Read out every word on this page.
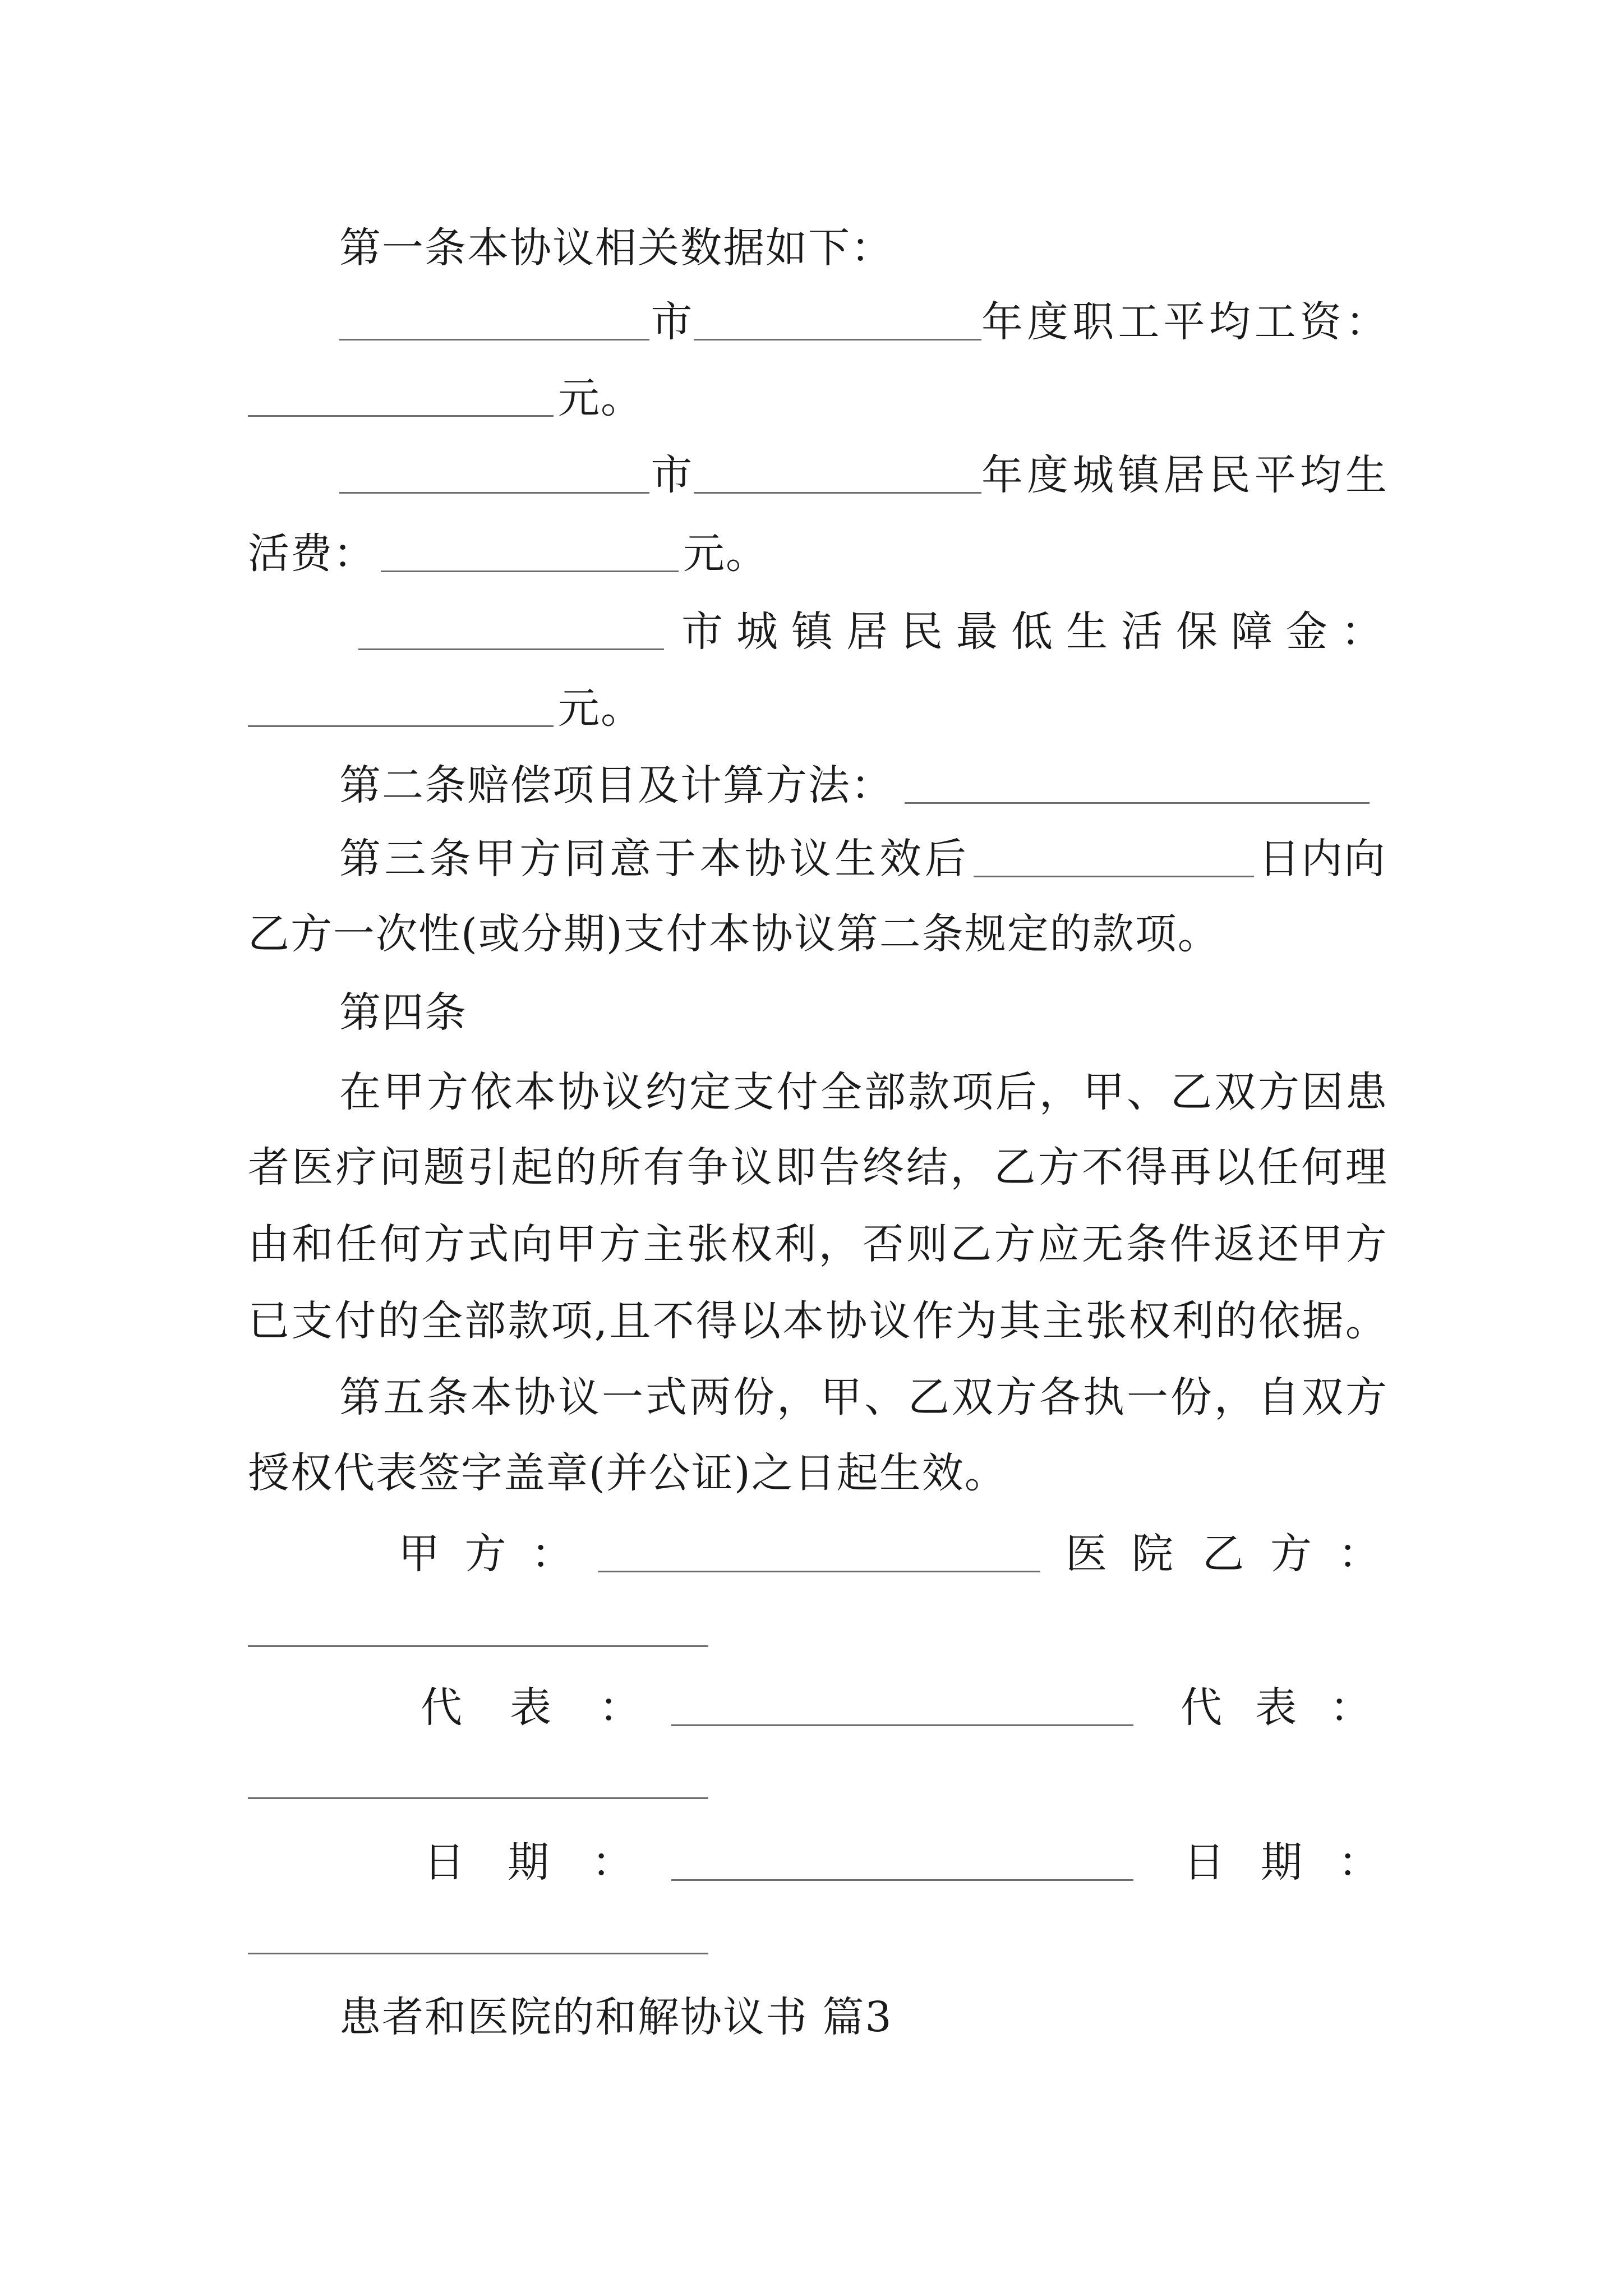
第一条本协议相关数据如下：
市	年 度 职 工 平 均 工 资 ：
元。
市	年 度 城 镇 居 民 平 均 生
活费：	元。
市 城 镇 居 民 最 低 生 活 保 障 金 ：
元。
第二条赔偿项目及计算方法：
第 三 条 甲 方 同 意 于 本 协 议 生 效 后	日内向
乙方一次性(或分期)支付本协议第二条规定的款项。
第四条
在 甲 方 依 本 协 议 约 定 支 付 全 部 款 项 后 ， 甲 、 乙 双 方 因 患
者 医 疗 问 题 引 起 的 所 有 争 议 即 告 终 结 ， 乙 方 不 得 再 以 任 何 理
由 和 任 何 方 式 向 甲 方 主 张 权 利 ， 否 则 乙 方 应 无 条 件 返 还 甲 方
已 支 付 的 全 部 款 项 , 且 不 得 以 本 协 议 作 为 其 主 张 权 利 的 依 据 。
第 五 条 本 协 议 一 式 两 份 ， 甲 、 乙 双 方 各 执 一 份 ， 自 双 方
授权代表签字盖章(并公证)之日起生效。
甲 方 ：	医 院 乙 方 ：
代 表 ：	代 表 ：
日 期 ：	日 期 ：
患者和医院的和解协议书 篇3
